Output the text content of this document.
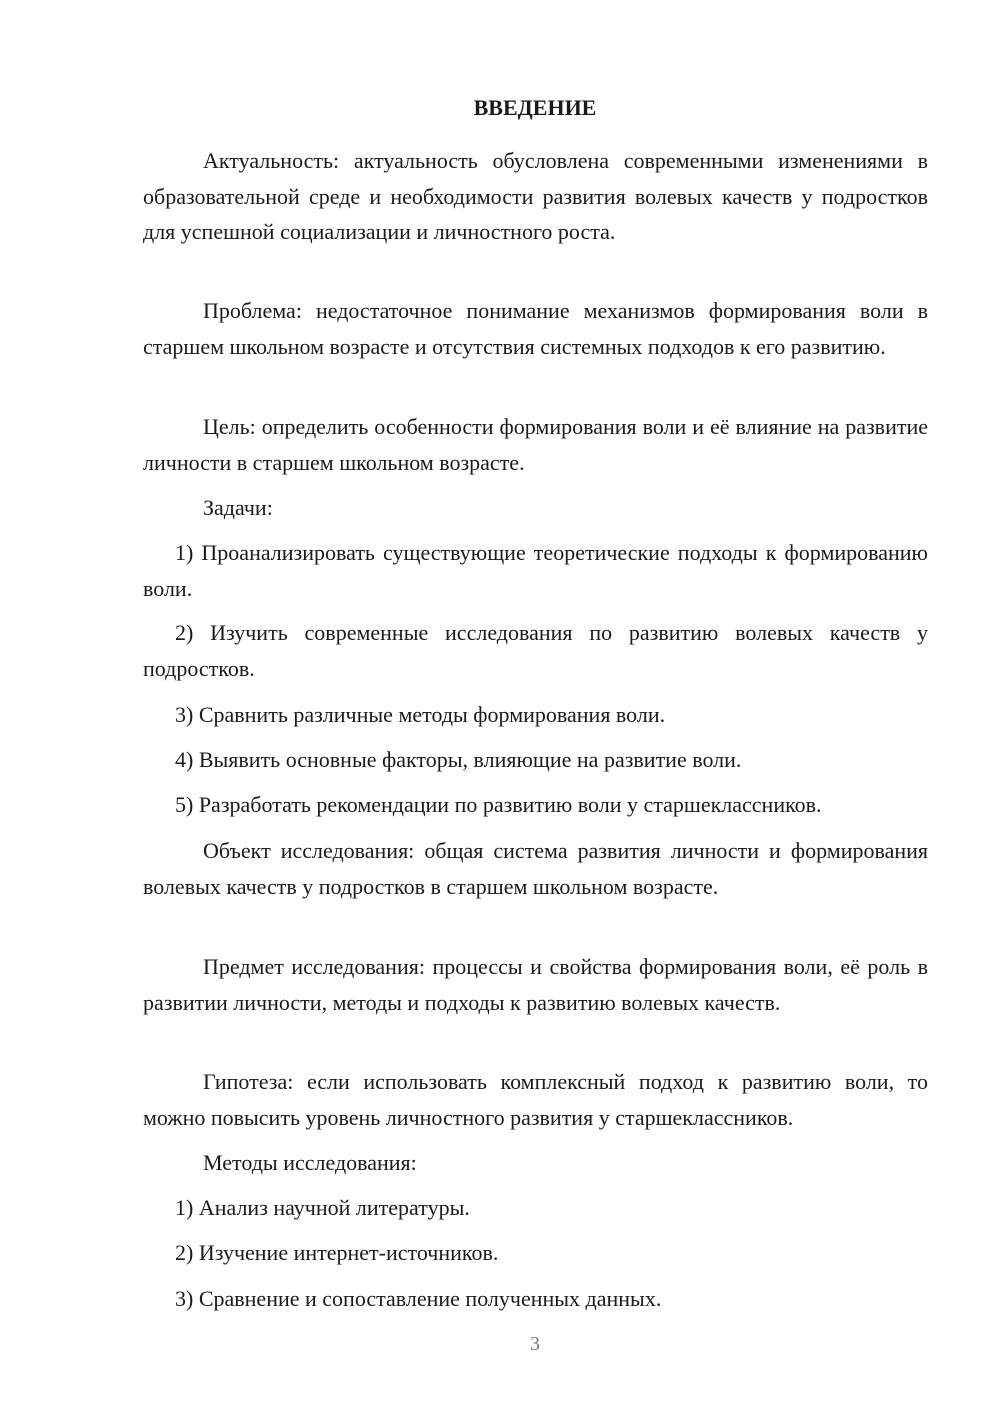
ВВЕДЕНИЕ

Актуальность: актуальность обусловлена современными изменениями в образовательной среде и необходимости развития волевых качеств у подростков для успешной социализации и личностного роста.

Проблема: недостаточное понимание механизмов формирования воли в старшем школьном возрасте и отсутствия системных подходов к его развитию.

Цель: определить особенности формирования воли и её влияние на развитие личности в старшем школьном возрасте.

Задачи:

1) Проанализировать существующие теоретические подходы к формированию воли.

2) Изучить современные исследования по развитию волевых качеств у подростков.

3) Сравнить различные методы формирования воли.

4) Выявить основные факторы, влияющие на развитие воли.

5) Разработать рекомендации по развитию воли у старшеклассников.

Объект исследования: общая система развития личности и формирования волевых качеств у подростков в старшем школьном возрасте.

Предмет исследования: процессы и свойства формирования воли, её роль в развитии личности, методы и подходы к развитию волевых качеств.

Гипотеза: если использовать комплексный подход к развитию воли, то можно повысить уровень личностного развития у старшеклассников.

Методы исследования:

1) Анализ научной литературы.

2) Изучение интернет-источников.

3) Сравнение и сопоставление полученных данных.

3
